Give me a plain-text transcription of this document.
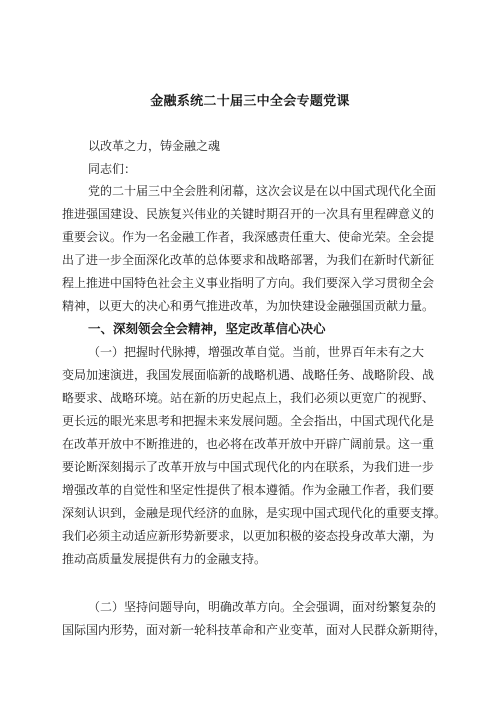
金融系统二十届三中全会专题党课
以改革之力，铸金融之魂
同志们：
党的二十届三中全会胜利闭幕，这次会议是在以中国式现代化全面
推进强国建设、民族复兴伟业的关键时期召开的一次具有里程碑意义的
重要会议。作为一名金融工作者，我深感责任重大、使命光荣。全会提
出了进一步全面深化改革的总体要求和战略部署，为我们在新时代新征
程上推进中国特色社会主义事业指明了方向。我们要深入学习贯彻全会
精神，以更大的决心和勇气推进改革，为加快建设金融强国贡献力量。
一、深刻领会全会精神，坚定改革信心决心
（一）把握时代脉搏，增强改革自觉。当前，世界百年未有之大
变局加速演进，我国发展面临新的战略机遇、战略任务、战略阶段、战
略要求、战略环境。站在新的历史起点上，我们必须以更宽广的视野、
更长远的眼光来思考和把握未来发展问题。全会指出，中国式现代化是
在改革开放中不断推进的，也必将在改革开放中开辟广阔前景。这一重
要论断深刻揭示了改革开放与中国式现代化的内在联系，为我们进一步
增强改革的自觉性和坚定性提供了根本遵循。作为金融工作者，我们要
深刻认识到，金融是现代经济的血脉，是实现中国式现代化的重要支撑。
我们必须主动适应新形势新要求，以更加积极的姿态投身改革大潮，为
推动高质量发展提供有力的金融支持。
（二）坚持问题导向，明确改革方向。全会强调，面对纷繁复杂的
国际国内形势，面对新一轮科技革命和产业变革，面对人民群众新期待，
